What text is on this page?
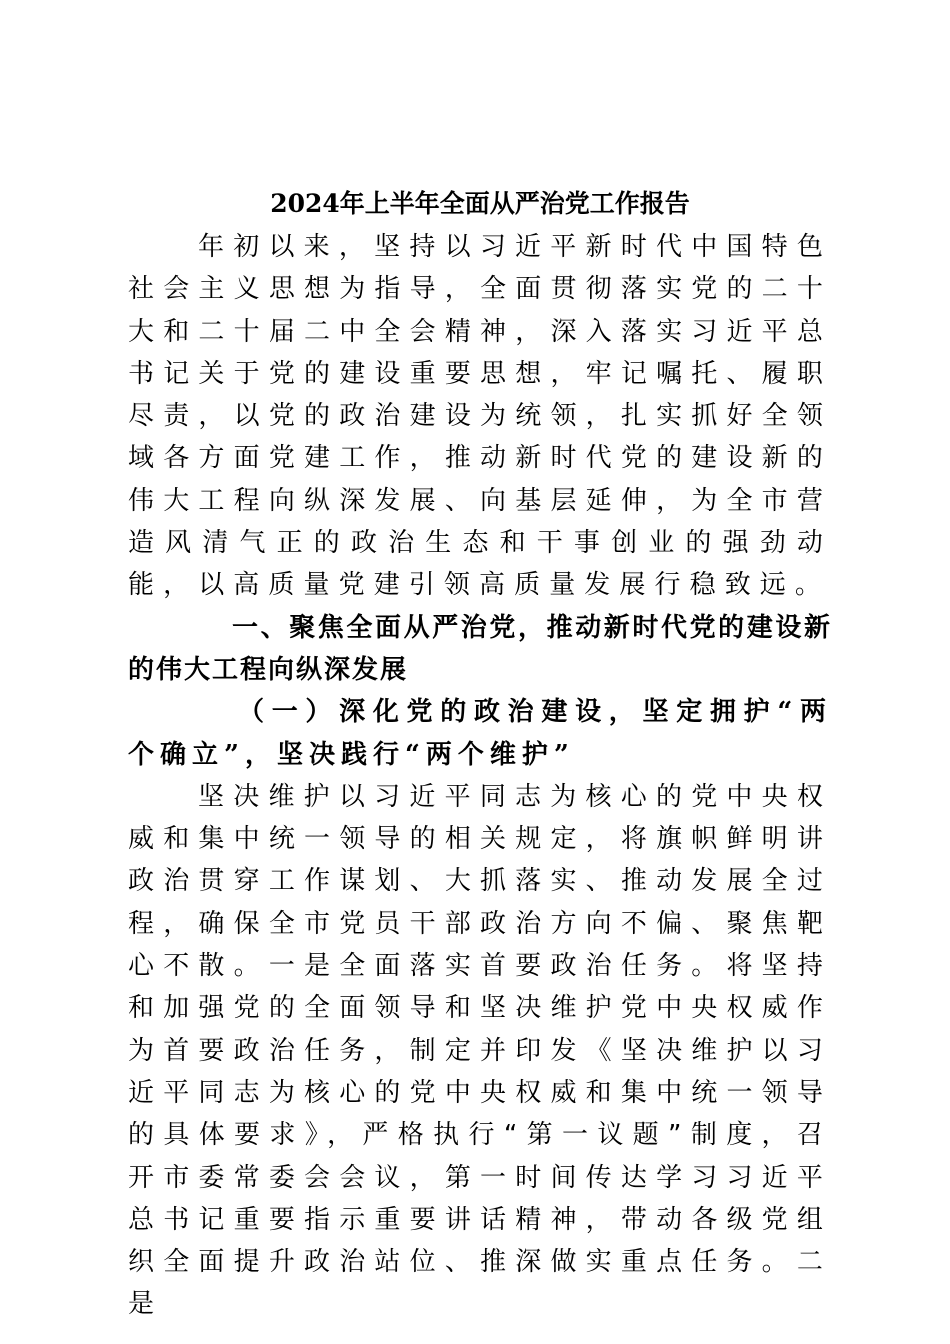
2024年上半年全面从严治党工作报告

年初以来，坚持以习近平新时代中国特色社会主义思想为指导，全面贯彻落实党的二十大和二十届二中全会精神，深入落实习近平总书记关于党的建设重要思想，牢记嘱托、履职尽责，以党的政治建设为统领，扎实抓好全领域各方面党建工作，推动新时代党的建设新的伟大工程向纵深发展、向基层延伸，为全市营造风清气正的政治生态和干事创业的强劲动能，以高质量党建引领高质量发展行稳致远。

一、聚焦全面从严治党，推动新时代党的建设新的伟大工程向纵深发展
（一）深化党的政治建设，坚定拥护“两个确立”，坚决践行“两个维护”

坚决维护以习近平同志为核心的党中央权威和集中统一领导的相关规定，将旗帜鲜明讲政治贯穿工作谋划、大抓落实、推动发展全过程，确保全市党员干部政治方向不偏、聚焦靶心不散。一是全面落实首要政治任务。将坚持和加强党的全面领导和坚决维护党中央权威作为首要政治任务，制定并印发《坚决维护以习近平同志为核心的党中央权威和集中统一领导的具体要求》，严格执行“第一议题”制度，召开市委常委会会议，第一时间传达学习习近平总书记重要指示重要讲话精神，带动各级党组织全面提升政治站位、推深做实重点任务。二是
